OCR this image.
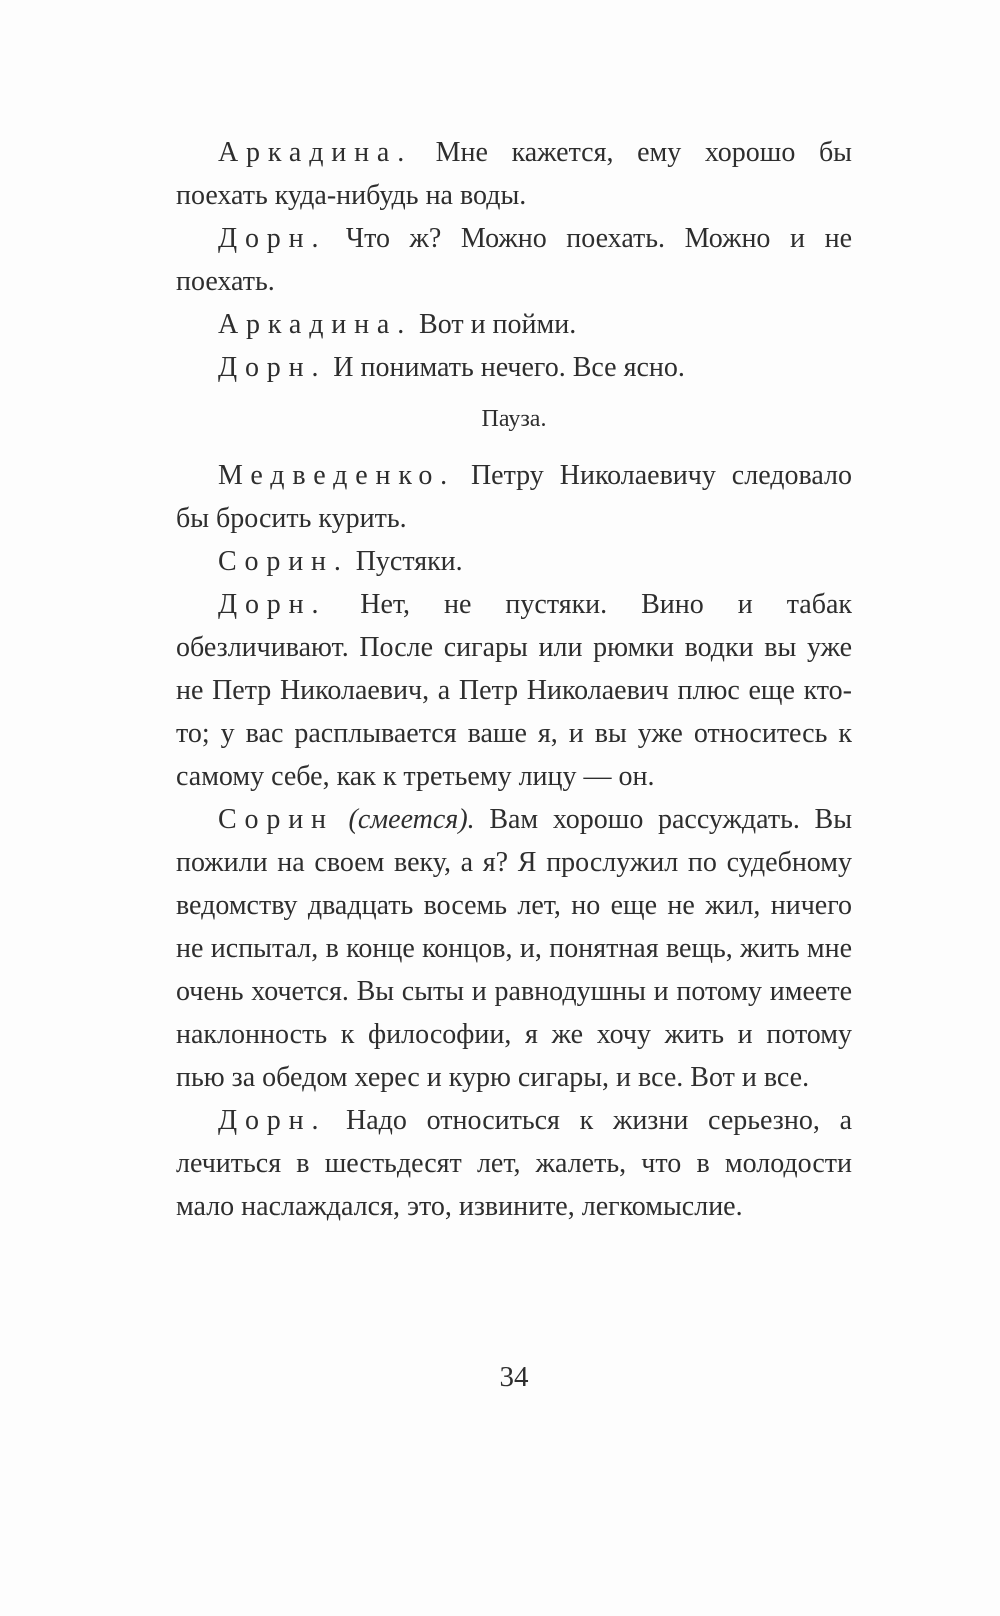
Аркадина. Мне кажется, ему хорошо бы поехать куда-нибудь на воды.

Дорн. Что ж? Можно поехать. Можно и не поехать.

Аркадина. Вот и пойми.

Дорн. И понимать нечего. Все ясно.

Пауза.

Медведенко. Петру Николаевичу следовало бы бросить курить.

Сорин. Пустяки.

Дорн. Нет, не пустяки. Вино и табак обезличивают. После сигары или рюмки водки вы уже не Петр Николаевич, а Петр Николаевич плюс еще кто-то; у вас расплывается ваше я, и вы уже относитесь к самому себе, как к третьему лицу — он.

Сорин (смеется). Вам хорошо рассуждать. Вы пожили на своем веку, а я? Я прослужил по судебному ведомству двадцать восемь лет, но еще не жил, ничего не испытал, в конце концов, и, понятная вещь, жить мне очень хочется. Вы сыты и равнодушны и потому имеете наклонность к философии, я же хочу жить и потому пью за обедом херес и курю сигары, и все. Вот и все.

Дорн. Надо относиться к жизни серьезно, а лечиться в шестьдесят лет, жалеть, что в молодости мало наслаждался, это, извините, легкомыслие.

34
